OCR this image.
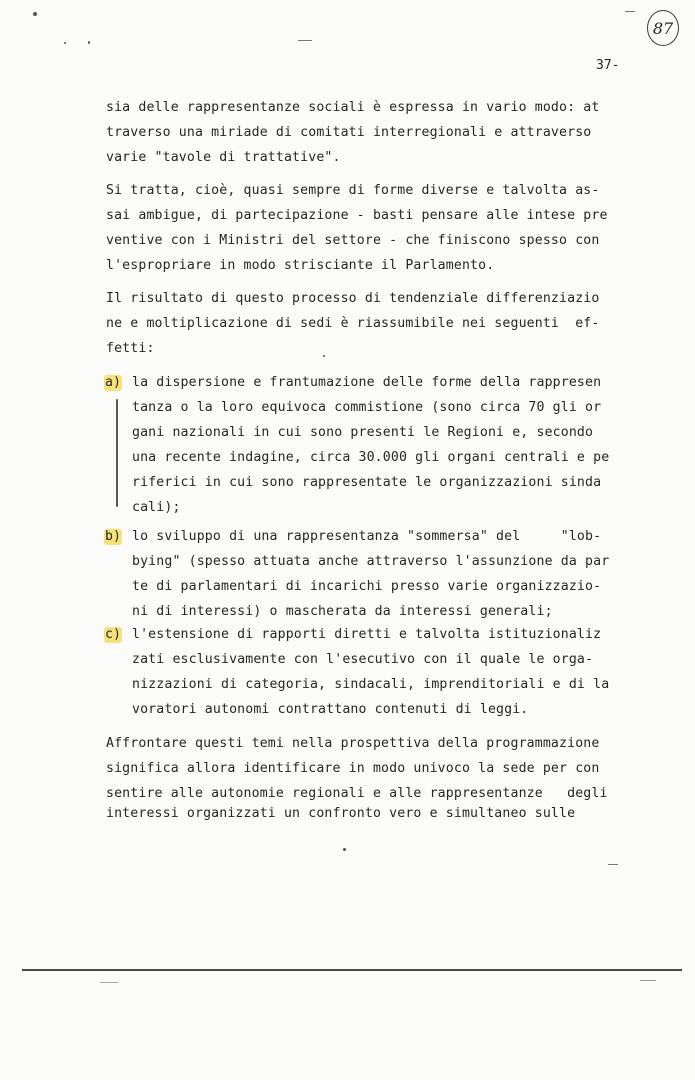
87
37-
sia delle rappresentanze sociali è espressa in vario modo: at
traverso una miriade di comitati interregionali e attraverso
varie "tavole di trattative".
Si tratta, cioè, quasi sempre di forme diverse e talvolta as-
sai ambigue, di partecipazione - basti pensare alle intese pre
ventive con i Ministri del settore - che finiscono spesso con
l'espropriare in modo strisciante il Parlamento.
Il risultato di questo processo di tendenziale differenziazio
ne e moltiplicazione di sedi è riassumibile nei seguenti  ef-
fetti:
a) la dispersione e frantumazione delle forme della rappresen
tanza o la loro equivoca commistione (sono circa 70 gli or
gani nazionali in cui sono presenti le Regioni e, secondo
una recente indagine, circa 30.000 gli organi centrali e pe
riferici in cui sono rappresentate le organizzazioni sinda
cali);
b) lo sviluppo di una rappresentanza "sommersa" del     "lob-
bying" (spesso attuata anche attraverso l'assunzione da par
te di parlamentari di incarichi presso varie organizzazio-
ni di interessi) o mascherata da interessi generali;
c) l'estensione di rapporti diretti e talvolta istituzionaliz
zati esclusivamente con l'esecutivo con il quale le orga-
nizzazioni di categoria, sindacali, imprenditoriali e di la
voratori autonomi contrattano contenuti di leggi.
Affrontare questi temi nella prospettiva della programmazione
significa allora identificare in modo univoco la sede per con
sentire alle autonomie regionali e alle rappresentanze   degli
interessi organizzati un confronto vero e simultaneo sulle
